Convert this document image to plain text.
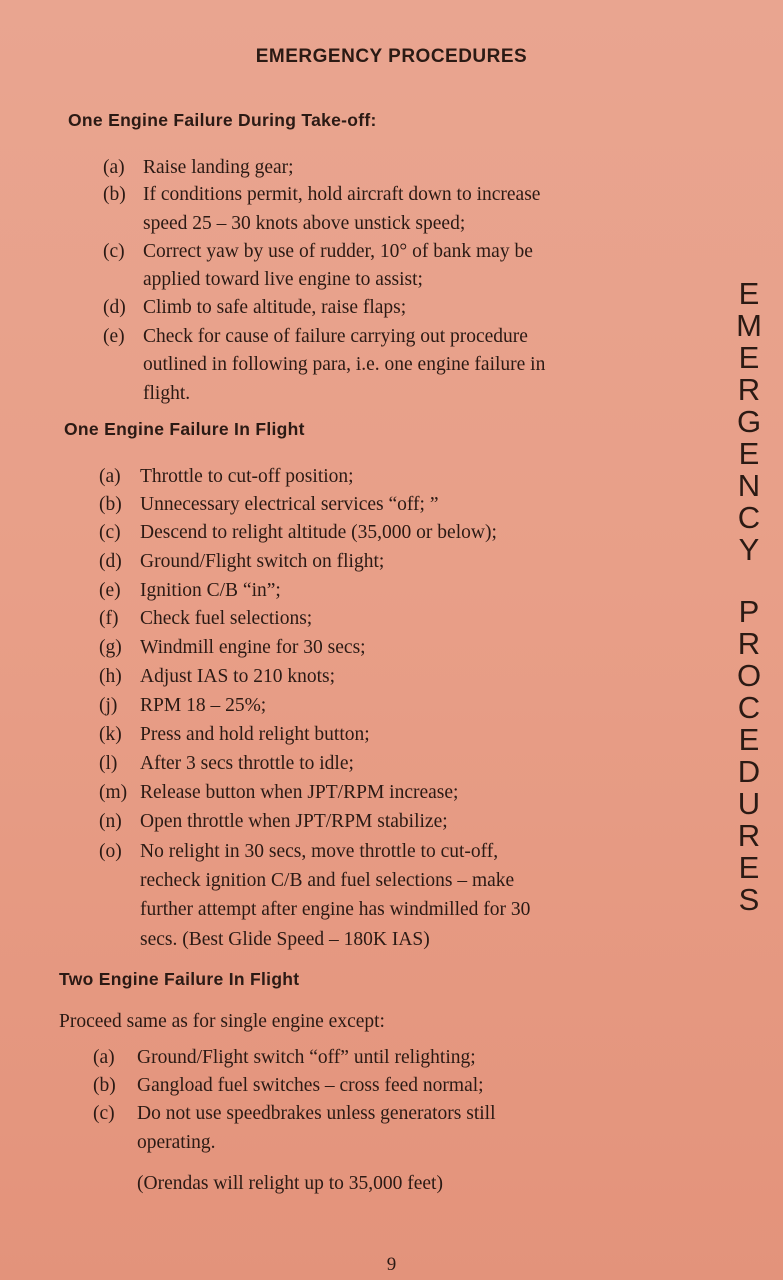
EMERGENCY PROCEDURES
One Engine Failure During Take-off:
(a) Raise landing gear;
(b) If conditions permit, hold aircraft down to increase
speed 25 – 30 knots above unstick speed;
(c) Correct yaw by use of rudder, 10° of bank may be
applied toward live engine to assist;
(d) Climb to safe altitude, raise flaps;
(e) Check for cause of failure carrying out procedure
outlined in following para, i.e. one engine failure in
flight.
One Engine Failure In Flight
(a) Throttle to cut-off position;
(b) Unnecessary electrical services “off; ”
(c) Descend to relight altitude (35,000 or below);
(d) Ground/Flight switch on flight;
(e) Ignition C/B “in”;
(f) Check fuel selections;
(g) Windmill engine for 30 secs;
(h) Adjust IAS to 210 knots;
(j) RPM 18 – 25%;
(k) Press and hold relight button;
(l) After 3 secs throttle to idle;
(m) Release button when JPT/RPM increase;
(n) Open throttle when JPT/RPM stabilize;
(o) No relight in 30 secs, move throttle to cut-off,
recheck ignition C/B and fuel selections – make
further attempt after engine has windmilled for 30
secs. (Best Glide Speed – 180K IAS)
Two Engine Failure In Flight
Proceed same as for single engine except:
(a) Ground/Flight switch “off” until relighting;
(b) Gangload fuel switches – cross feed normal;
(c) Do not use speedbrakes unless generators still
operating.
(Orendas will relight up to 35,000 feet)
E
M
E
R
G
E
N
C
Y
P
R
O
C
E
D
U
R
E
S
9
